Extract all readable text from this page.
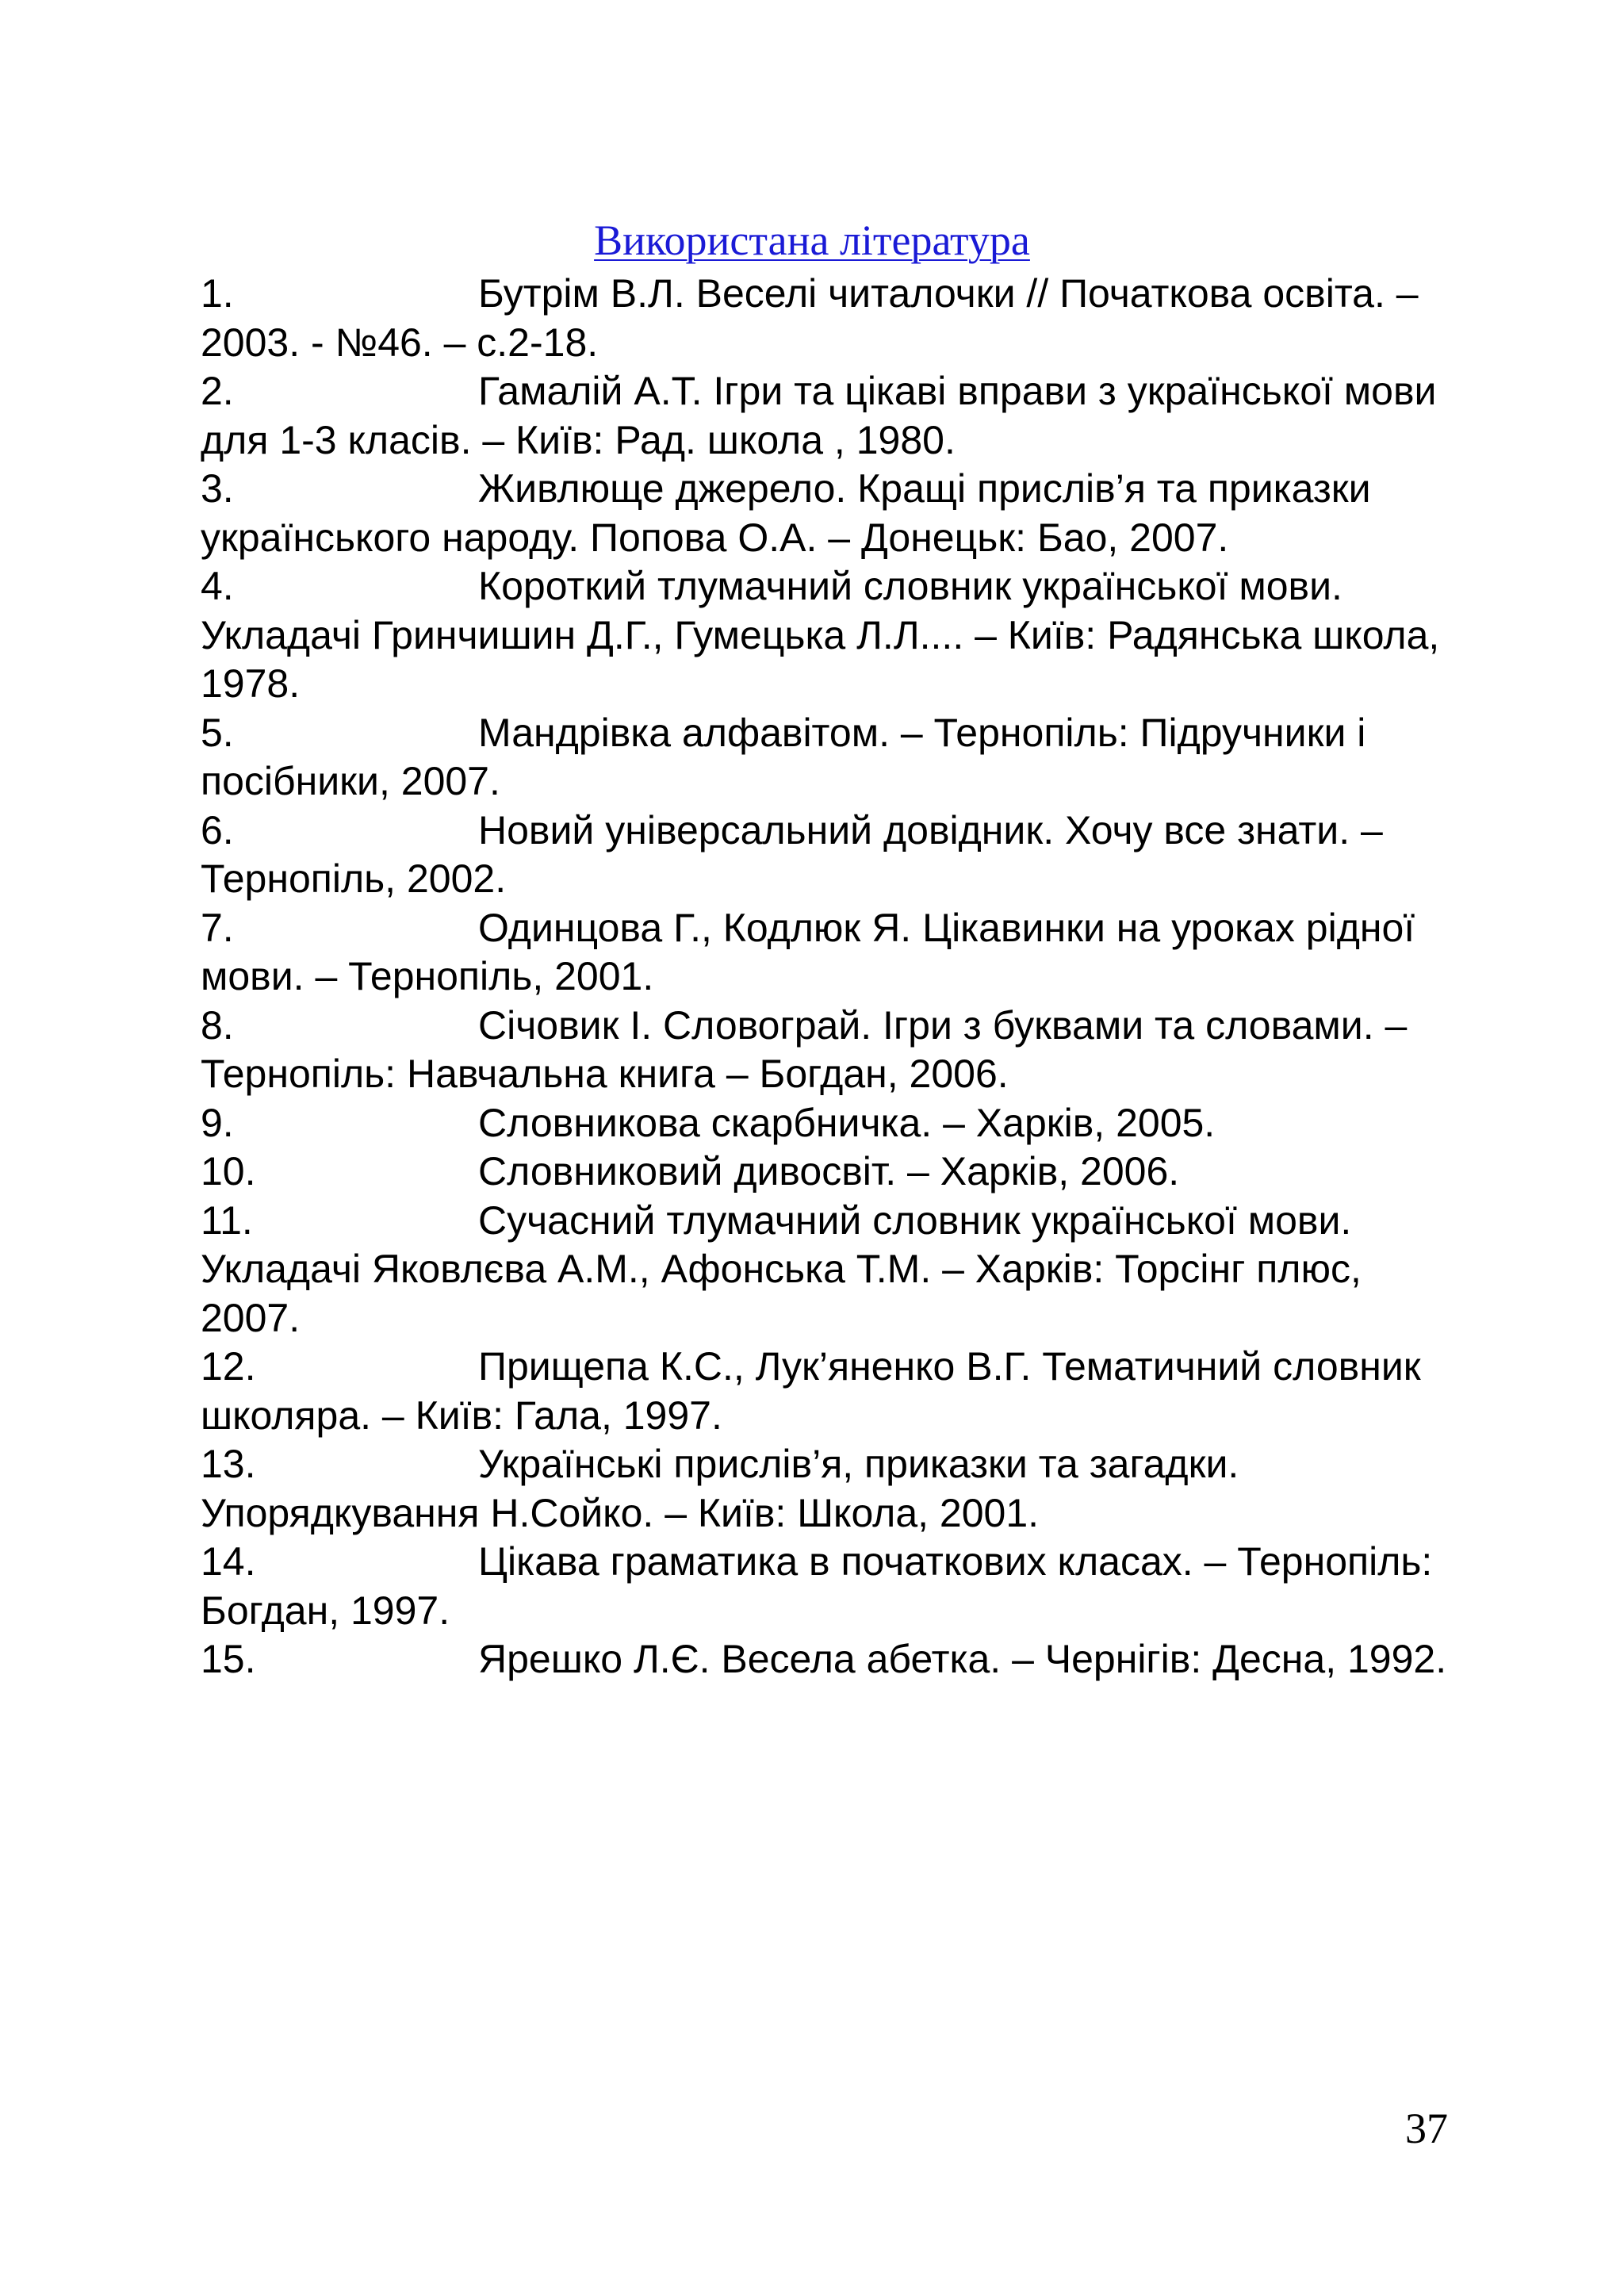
Використана література
1.	Бутрім В.Л. Веселі читалочки // Початкова освіта. – 2003. - №46. – с.2-18.
2.	Гамалій А.Т. Ігри та цікаві вправи з української мови для 1-3 класів. – Київ: Рад. школа , 1980.
3.	Живлюще джерело. Кращі прислів’я та приказки українського народу. Попова О.А. – Донецьк: Бао, 2007.
4.	Короткий тлумачний словник української мови. Укладачі Гринчишин Д.Г., Гумецька Л.Л.... – Київ: Радянська школа, 1978.
5.	Мандрівка алфавітом. – Тернопіль: Підручники і посібники, 2007.
6.	Новий універсальний довідник. Хочу все знати. – Тернопіль, 2002.
7.	Одинцова Г., Кодлюк Я. Цікавинки на уроках рідної мови. – Тернопіль, 2001.
8.	Січовик І. Словограй. Ігри з буквами та словами. – Тернопіль: Навчальна книга – Богдан, 2006.
9.	Словникова скарбничка. – Харків, 2005.
10.	Словниковий дивосвіт. – Харків, 2006.
11.	Сучасний тлумачний словник української мови. Укладачі Яковлєва А.М., Афонська Т.М. – Харків: Торсінг плюс, 2007.
12.	Прищепа К.С., Лук’яненко В.Г. Тематичний словник школяра. – Київ: Гала, 1997.
13.	Українські прислів’я, приказки та загадки. Упорядкування Н.Сойко. – Київ: Школа, 2001.
14.	Цікава граматика в початкових класах. – Тернопіль: Богдан, 1997.
15.	Ярешко Л.Є. Весела абетка. – Чернігів: Десна, 1992.
37
